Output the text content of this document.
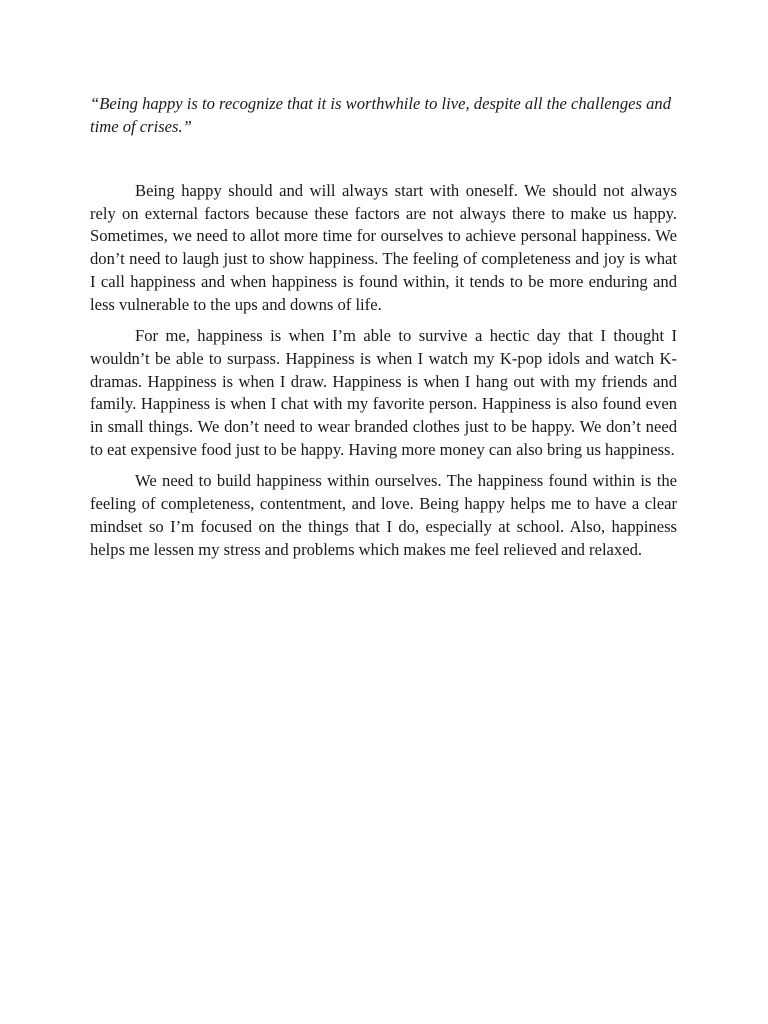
“Being happy is to recognize that it is worthwhile to live, despite all the challenges and time of crises.”

Being happy should and will always start with oneself. We should not always rely on external factors because these factors are not always there to make us happy. Sometimes, we need to allot more time for ourselves to achieve personal happiness. We don’t need to laugh just to show happiness. The feeling of completeness and joy is what I call happiness and when happiness is found within, it tends to be more enduring and less vulnerable to the ups and downs of life.

For me, happiness is when I’m able to survive a hectic day that I thought I wouldn’t be able to surpass. Happiness is when I watch my K-pop idols and watch K-dramas. Happiness is when I draw. Happiness is when I hang out with my friends and family. Happiness is when I chat with my favorite person. Happiness is also found even in small things. We don’t need to wear branded clothes just to be happy. We don’t need to eat expensive food just to be happy. Having more money can also bring us happiness.

We need to build happiness within ourselves. The happiness found within is the feeling of completeness, contentment, and love. Being happy helps me to have a clear mindset so I’m focused on the things that I do, especially at school. Also, happiness helps me lessen my stress and problems which makes me feel relieved and relaxed.
